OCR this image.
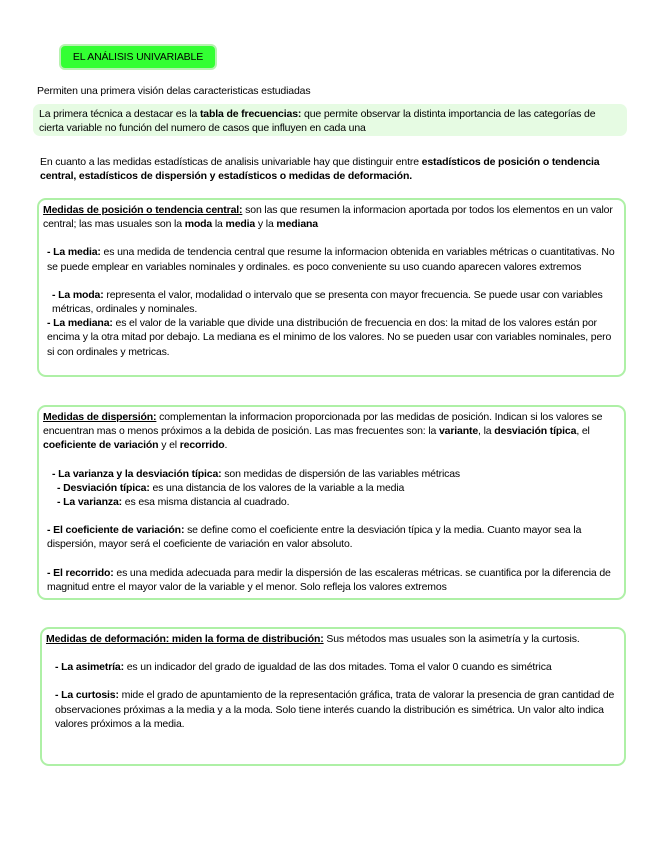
EL ANÁLISIS UNIVARIABLE
Permiten una primera visión delas caracteristicas estudiadas
La primera técnica a destacar es la tabla de frecuencias: que permite observar la distinta importancia de las categorías de cierta variable no función del numero de casos que influyen en cada una
En cuanto a las medidas estadísticas de analisis univariable hay que distinguir entre estadísticos de posición o tendencia central, estadísticos de dispersión y estadísticos o medidas de deformación.

Medidas de posición o tendencia central: son las que resumen la informacion aportada por todos los elementos en un valor central; las mas usuales son la moda la media y la mediana

- La media: es una medida de tendencia central que resume la informacion obtenida en variables métricas o cuantitativas. No se puede emplear en variables nominales y ordinales. es poco conveniente su uso cuando aparecen valores extremos

- La moda: representa el valor, modalidad o intervalo que se presenta con mayor frecuencia. Se puede usar con variables métricas, ordinales y nominales.

- La mediana: es el valor de la variable que divide una distribución de frecuencia en dos: la mitad de los valores están por encima y la otra mitad por debajo. La mediana es el minimo de los valores. No se pueden usar con variables nominales, pero si con ordinales y metricas.

Medidas de dispersión: complementan la informacion proporcionada por las medidas de posición. Indican si los valores se encuentran mas o menos próximos a la debida de posición. Las mas frecuentes son: la variante, la desviación típica, el coeficiente de variación y el recorrido.

- La varianza y la desviación típica: son medidas de dispersión de las variables métricas

- Desviación típica: es una distancia de los valores de la variable a la media

- La varianza: es esa misma distancia al cuadrado.

- El coeficiente de variación: se define como el coeficiente entre la desviación típica y la media. Cuanto mayor sea la dispersión, mayor será el coeficiente de variación en valor absoluto.

- El recorrido: es una medida adecuada para medir la dispersión de las escaleras métricas. se cuantifica por la diferencia de magnitud entre el mayor valor de la variable y el menor. Solo refleja los valores extremos

Medidas de deformación: miden la forma de distribución: Sus métodos mas usuales son la asimetría y la curtosis.

- La asimetría: es un indicador del grado de igualdad de las dos mitades. Toma el valor 0 cuando es simétrica

- La curtosis: mide el grado de apuntamiento de la representación gráfica, trata de valorar la presencia de gran cantidad de observaciones próximas a la media y a la moda. Solo tiene interés cuando la distribución es simétrica. Un valor alto indica valores próximos a la media.
